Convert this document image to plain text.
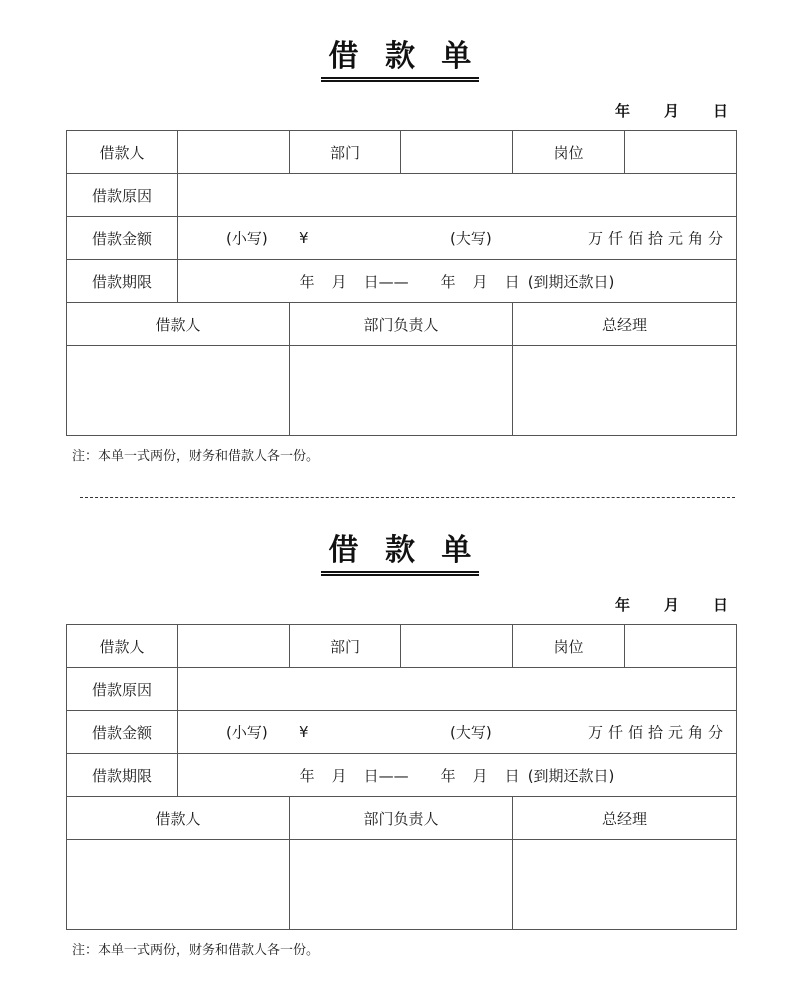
借 款 单
年 月 日
借款人		部门		岗位	
借款原因					
借款金额	(小写) ¥ (大写) 万仟佰拾元角分				

借款期限	年 月 日—— 年 月 日 (到期还款日)				
借款人		部门负责人		总经理	

注：本单一式两份，财务和借款人各一份。
借 款 单
年 月 日
借款人		部门		岗位	
借款原因					
借款金额	(小写) ¥ (大写) 万仟佰拾元角分				

借款期限	年 月 日—— 年 月 日 (到期还款日)				
借款人		部门负责人		总经理	

注：本单一式两份，财务和借款人各一份。
